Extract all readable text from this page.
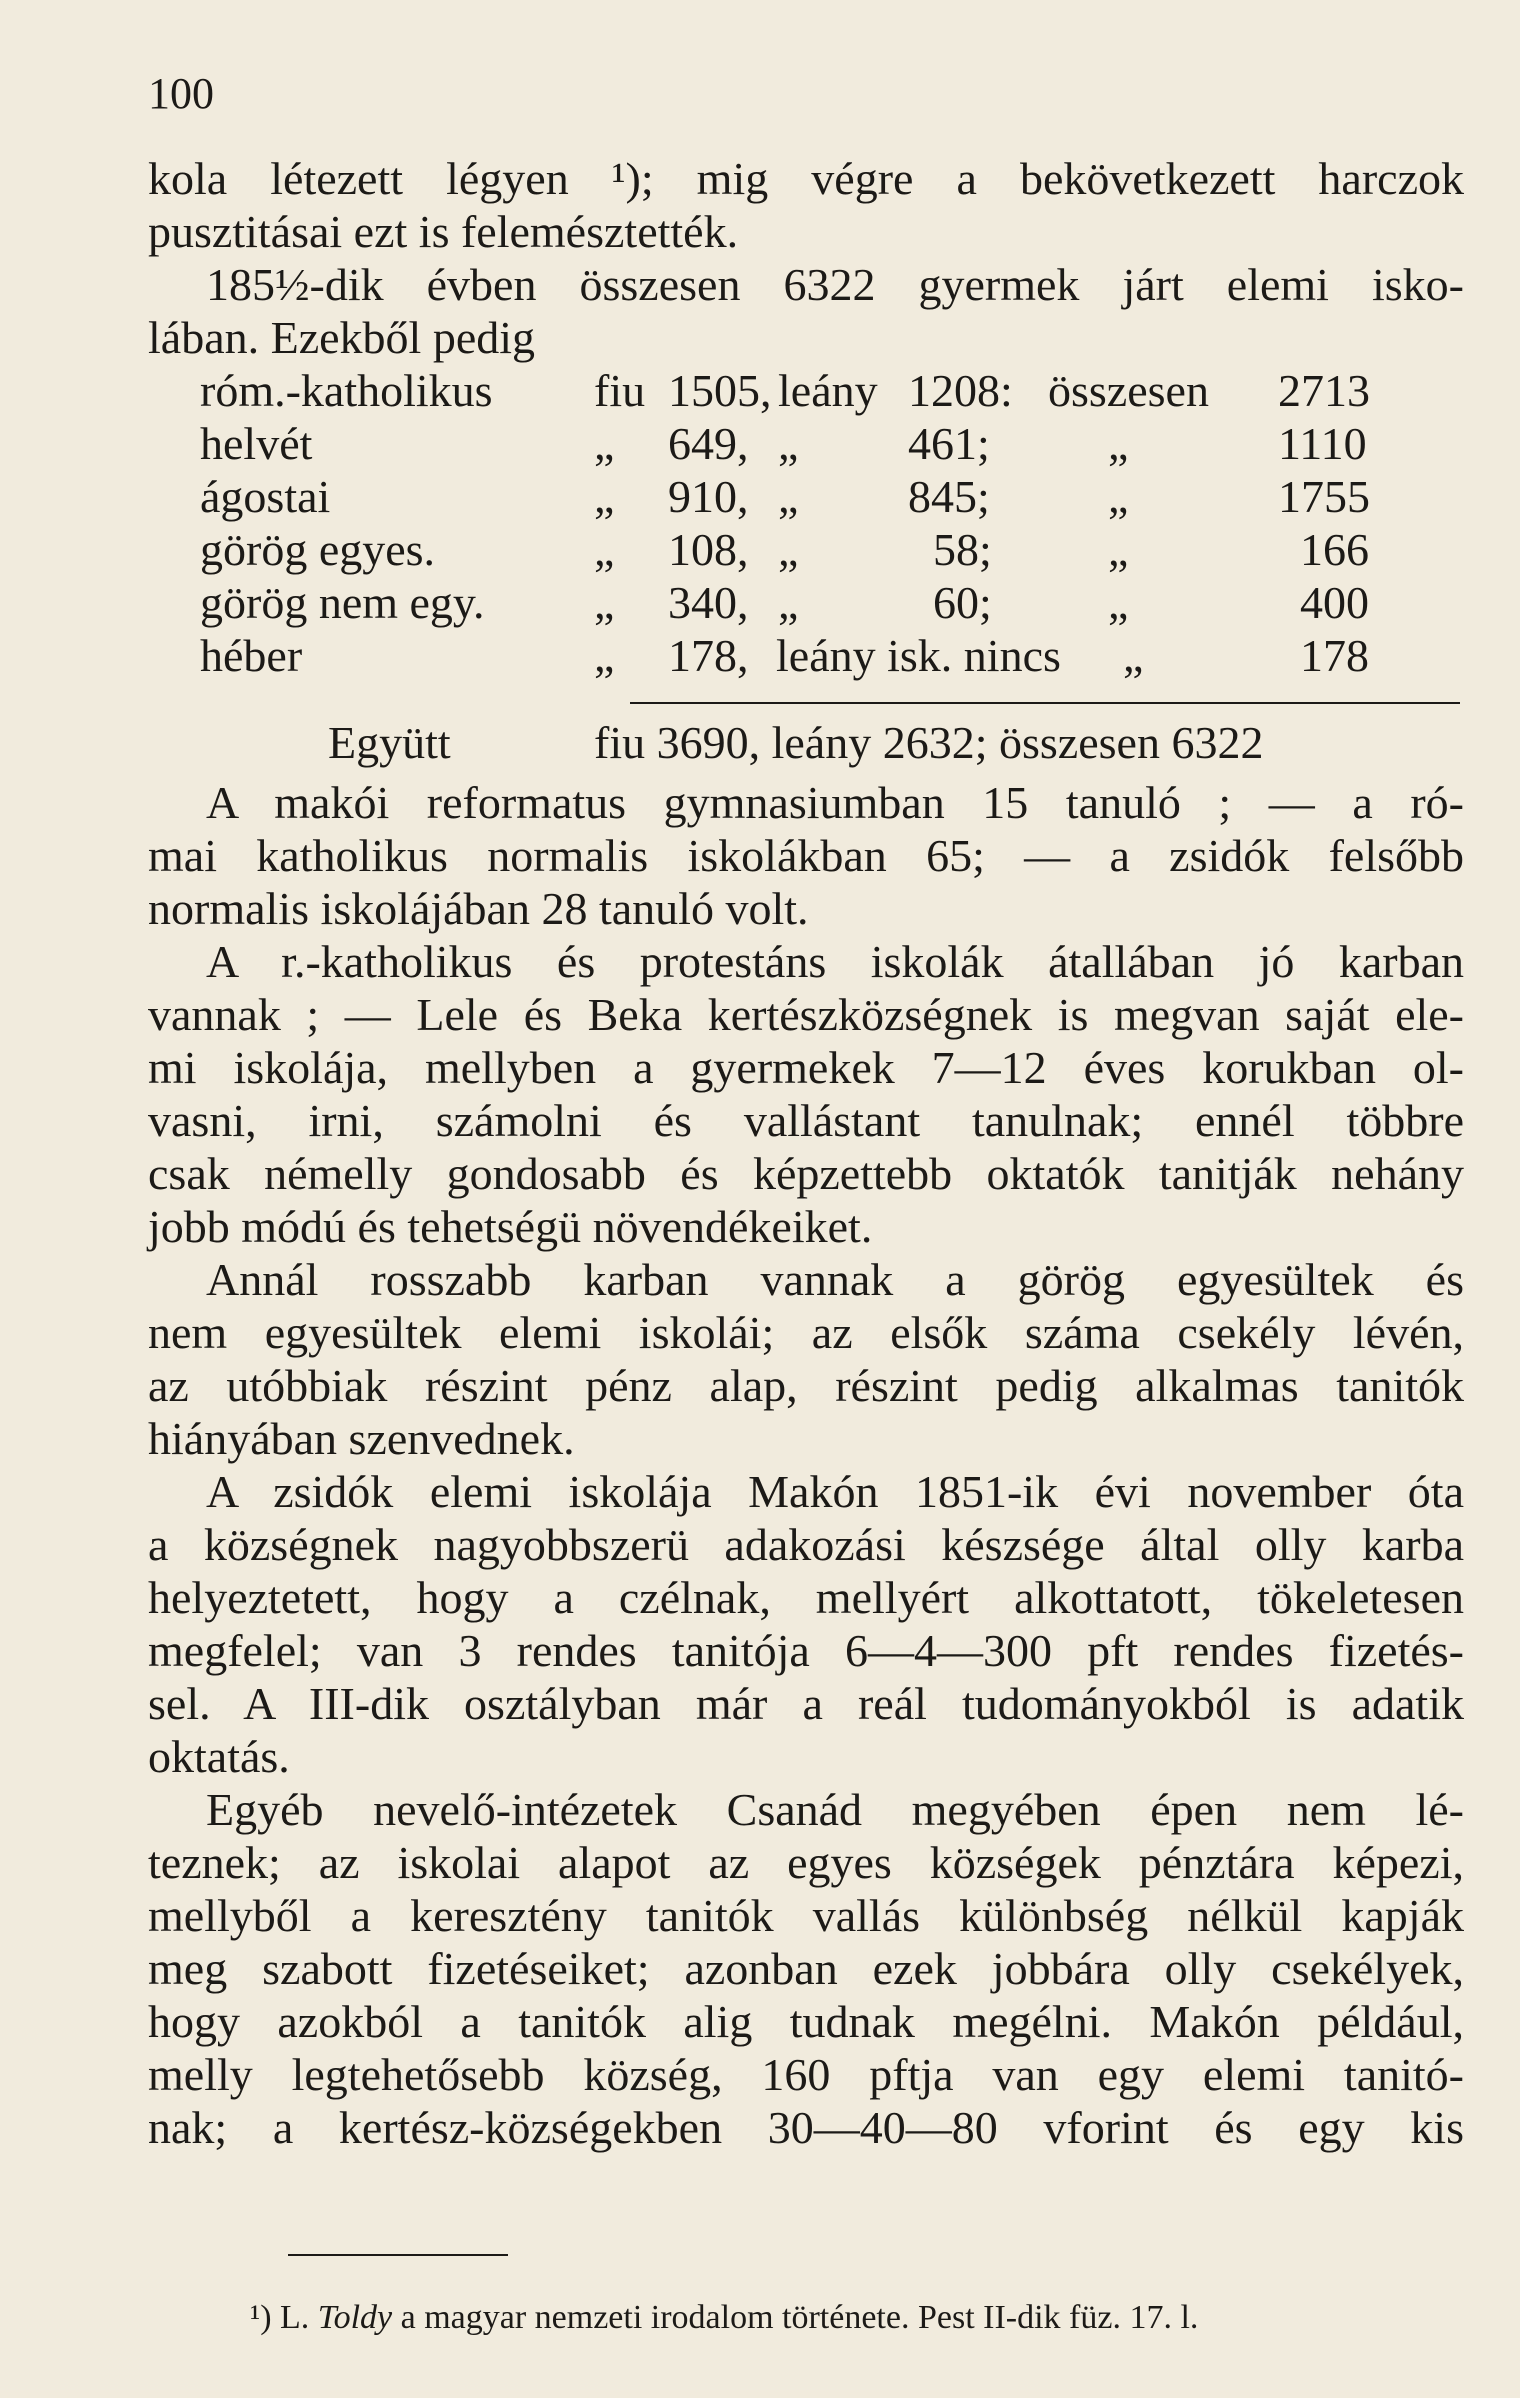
100

kola létezett légyen ¹); mig végre a bekövetkezett harczok

pusztitásai ezt is felemésztették.

185½-dik évben összesen 6322 gyermek járt elemi isko-

lában. Ezekből pedig

róm.-katholikus fiu 1505, leány 1208: összesen 2713
helvét	„ 649, „ 461;	„	1110
ágostai	„ 910, „ 845;	„	1755
görög egyes.	„ 108, „	58;	„	166
görög nem egy. „ 340, „	60;	„	400
héber	„ 178, leány isk. nincs „	178
Együtt	fiu 3690, leány 2632; összesen 6322

A makói reformatus gymnasiumban 15 tanuló ; — a ró-

mai katholikus normalis iskolákban 65; — a zsidók felsőbb

normalis iskolájában 28 tanuló volt.

A r.-katholikus és protestáns iskolák átallában jó karban

vannak ; — Lele és Beka kertészközségnek is megvan saját ele-

mi iskolája, mellyben a gyermekek 7—12 éves korukban ol-

vasni, irni, számolni és vallástant tanulnak; ennél többre

csak némelly gondosabb és képzettebb oktatók tanitják nehány

jobb módú és tehetségü növendékeiket.

Annál rosszabb karban vannak a görög egyesültek és

nem egyesültek elemi iskolái; az elsők száma csekély lévén,

az utóbbiak részint pénz alap, részint pedig alkalmas tanitók

hiányában szenvednek.

A zsidók elemi iskolája Makón 1851-ik évi november óta

a községnek nagyobbszerü adakozási készsége által olly karba

helyeztetett, hogy a czélnak, mellyért alkottatott, tökeletesen

megfelel; van 3 rendes tanitója 6—4—300 pft rendes fizetés-

sel. A III-dik osztályban már a reál tudományokból is adatik

oktatás.

Egyéb nevelő-intézetek Csanád megyében épen nem lé-

teznek; az iskolai alapot az egyes községek pénztára képezi,

mellyből a keresztény tanitók vallás különbség nélkül kapják

meg szabott fizetéseiket; azonban ezek jobbára olly csekélyek,

hogy azokból a tanitók alig tudnak megélni. Makón például,

melly legtehetősebb község, 160 pftja van egy elemi tanitó-

nak; a kertész-községekben 30—40—80 vforint és egy kis

¹) L. Toldy a magyar nemzeti irodalom története. Pest II-dik füz. 17. l.
